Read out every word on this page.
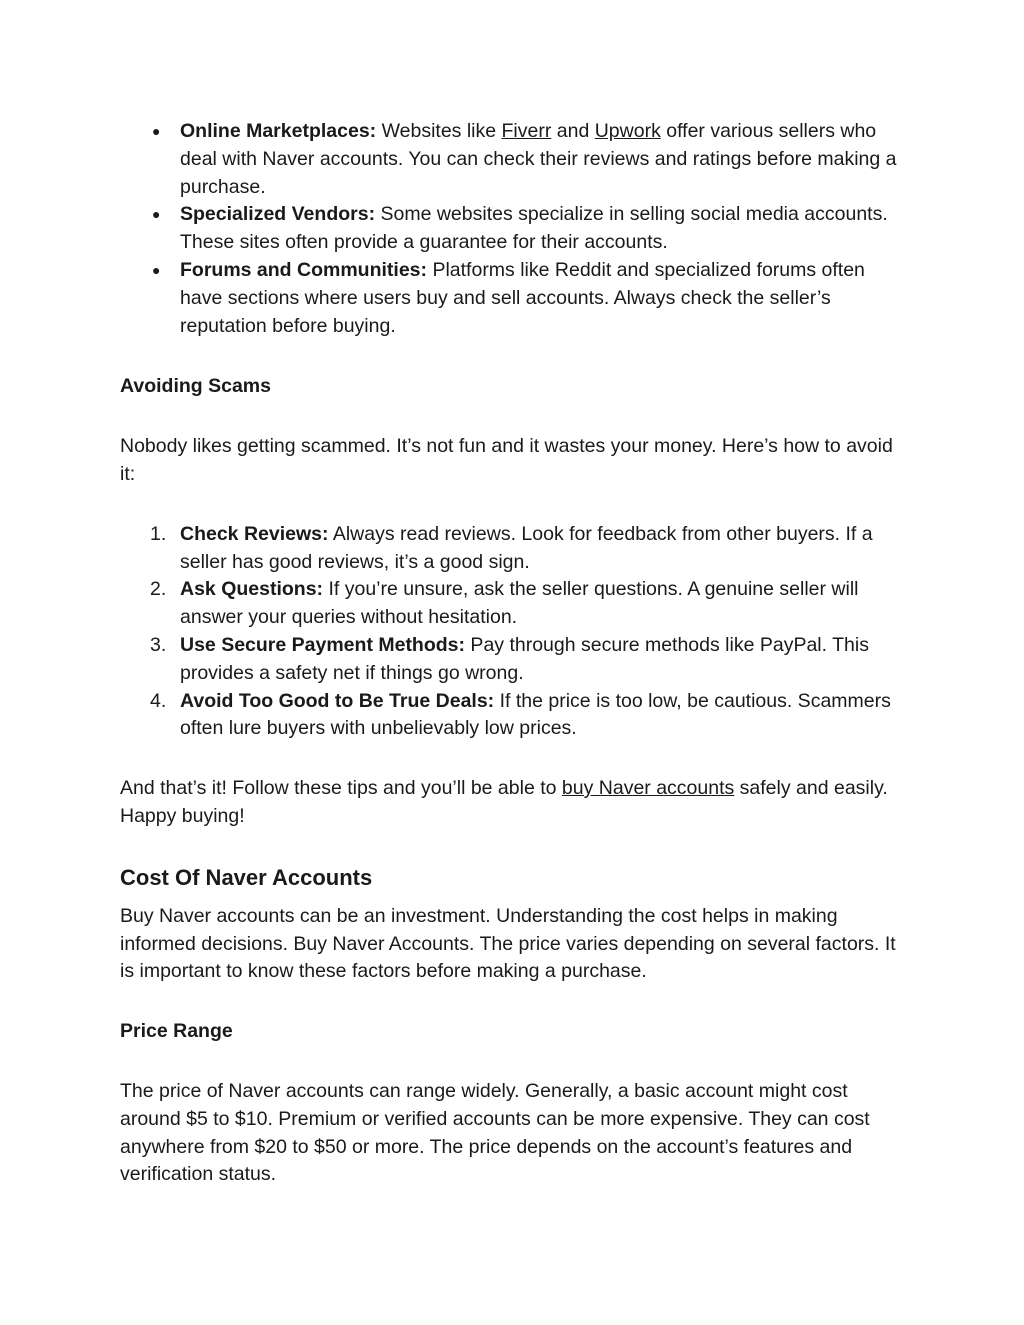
● Online Marketplaces: Websites like Fiverr and Upwork offer various sellers who deal with Naver accounts. You can check their reviews and ratings before making a purchase.
● Specialized Vendors: Some websites specialize in selling social media accounts. These sites often provide a guarantee for their accounts.
● Forums and Communities: Platforms like Reddit and specialized forums often have sections where users buy and sell accounts. Always check the seller’s reputation before buying.
Avoiding Scams

Nobody likes getting scammed. It’s not fun and it wastes your money. Here’s how to avoid it:

1. Check Reviews: Always read reviews. Look for feedback from other buyers. If a seller has good reviews, it’s a good sign.
2. Ask Questions: If you’re unsure, ask the seller questions. A genuine seller will answer your queries without hesitation.
3. Use Secure Payment Methods: Pay through secure methods like PayPal. This provides a safety net if things go wrong.
4. Avoid Too Good to Be True Deals: If the price is too low, be cautious. Scammers often lure buyers with unbelievably low prices.

And that’s it! Follow these tips and you’ll be able to buy Naver accounts safely and easily. Happy buying!

Cost Of Naver Accounts

Buy Naver accounts can be an investment. Understanding the cost helps in making informed decisions. Buy Naver Accounts. The price varies depending on several factors. It is important to know these factors before making a purchase.

Price Range

The price of Naver accounts can range widely. Generally, a basic account might cost around $5 to $10. Premium or verified accounts can be more expensive. They can cost anywhere from $20 to $50 or more. The price depends on the account’s features and verification status.
